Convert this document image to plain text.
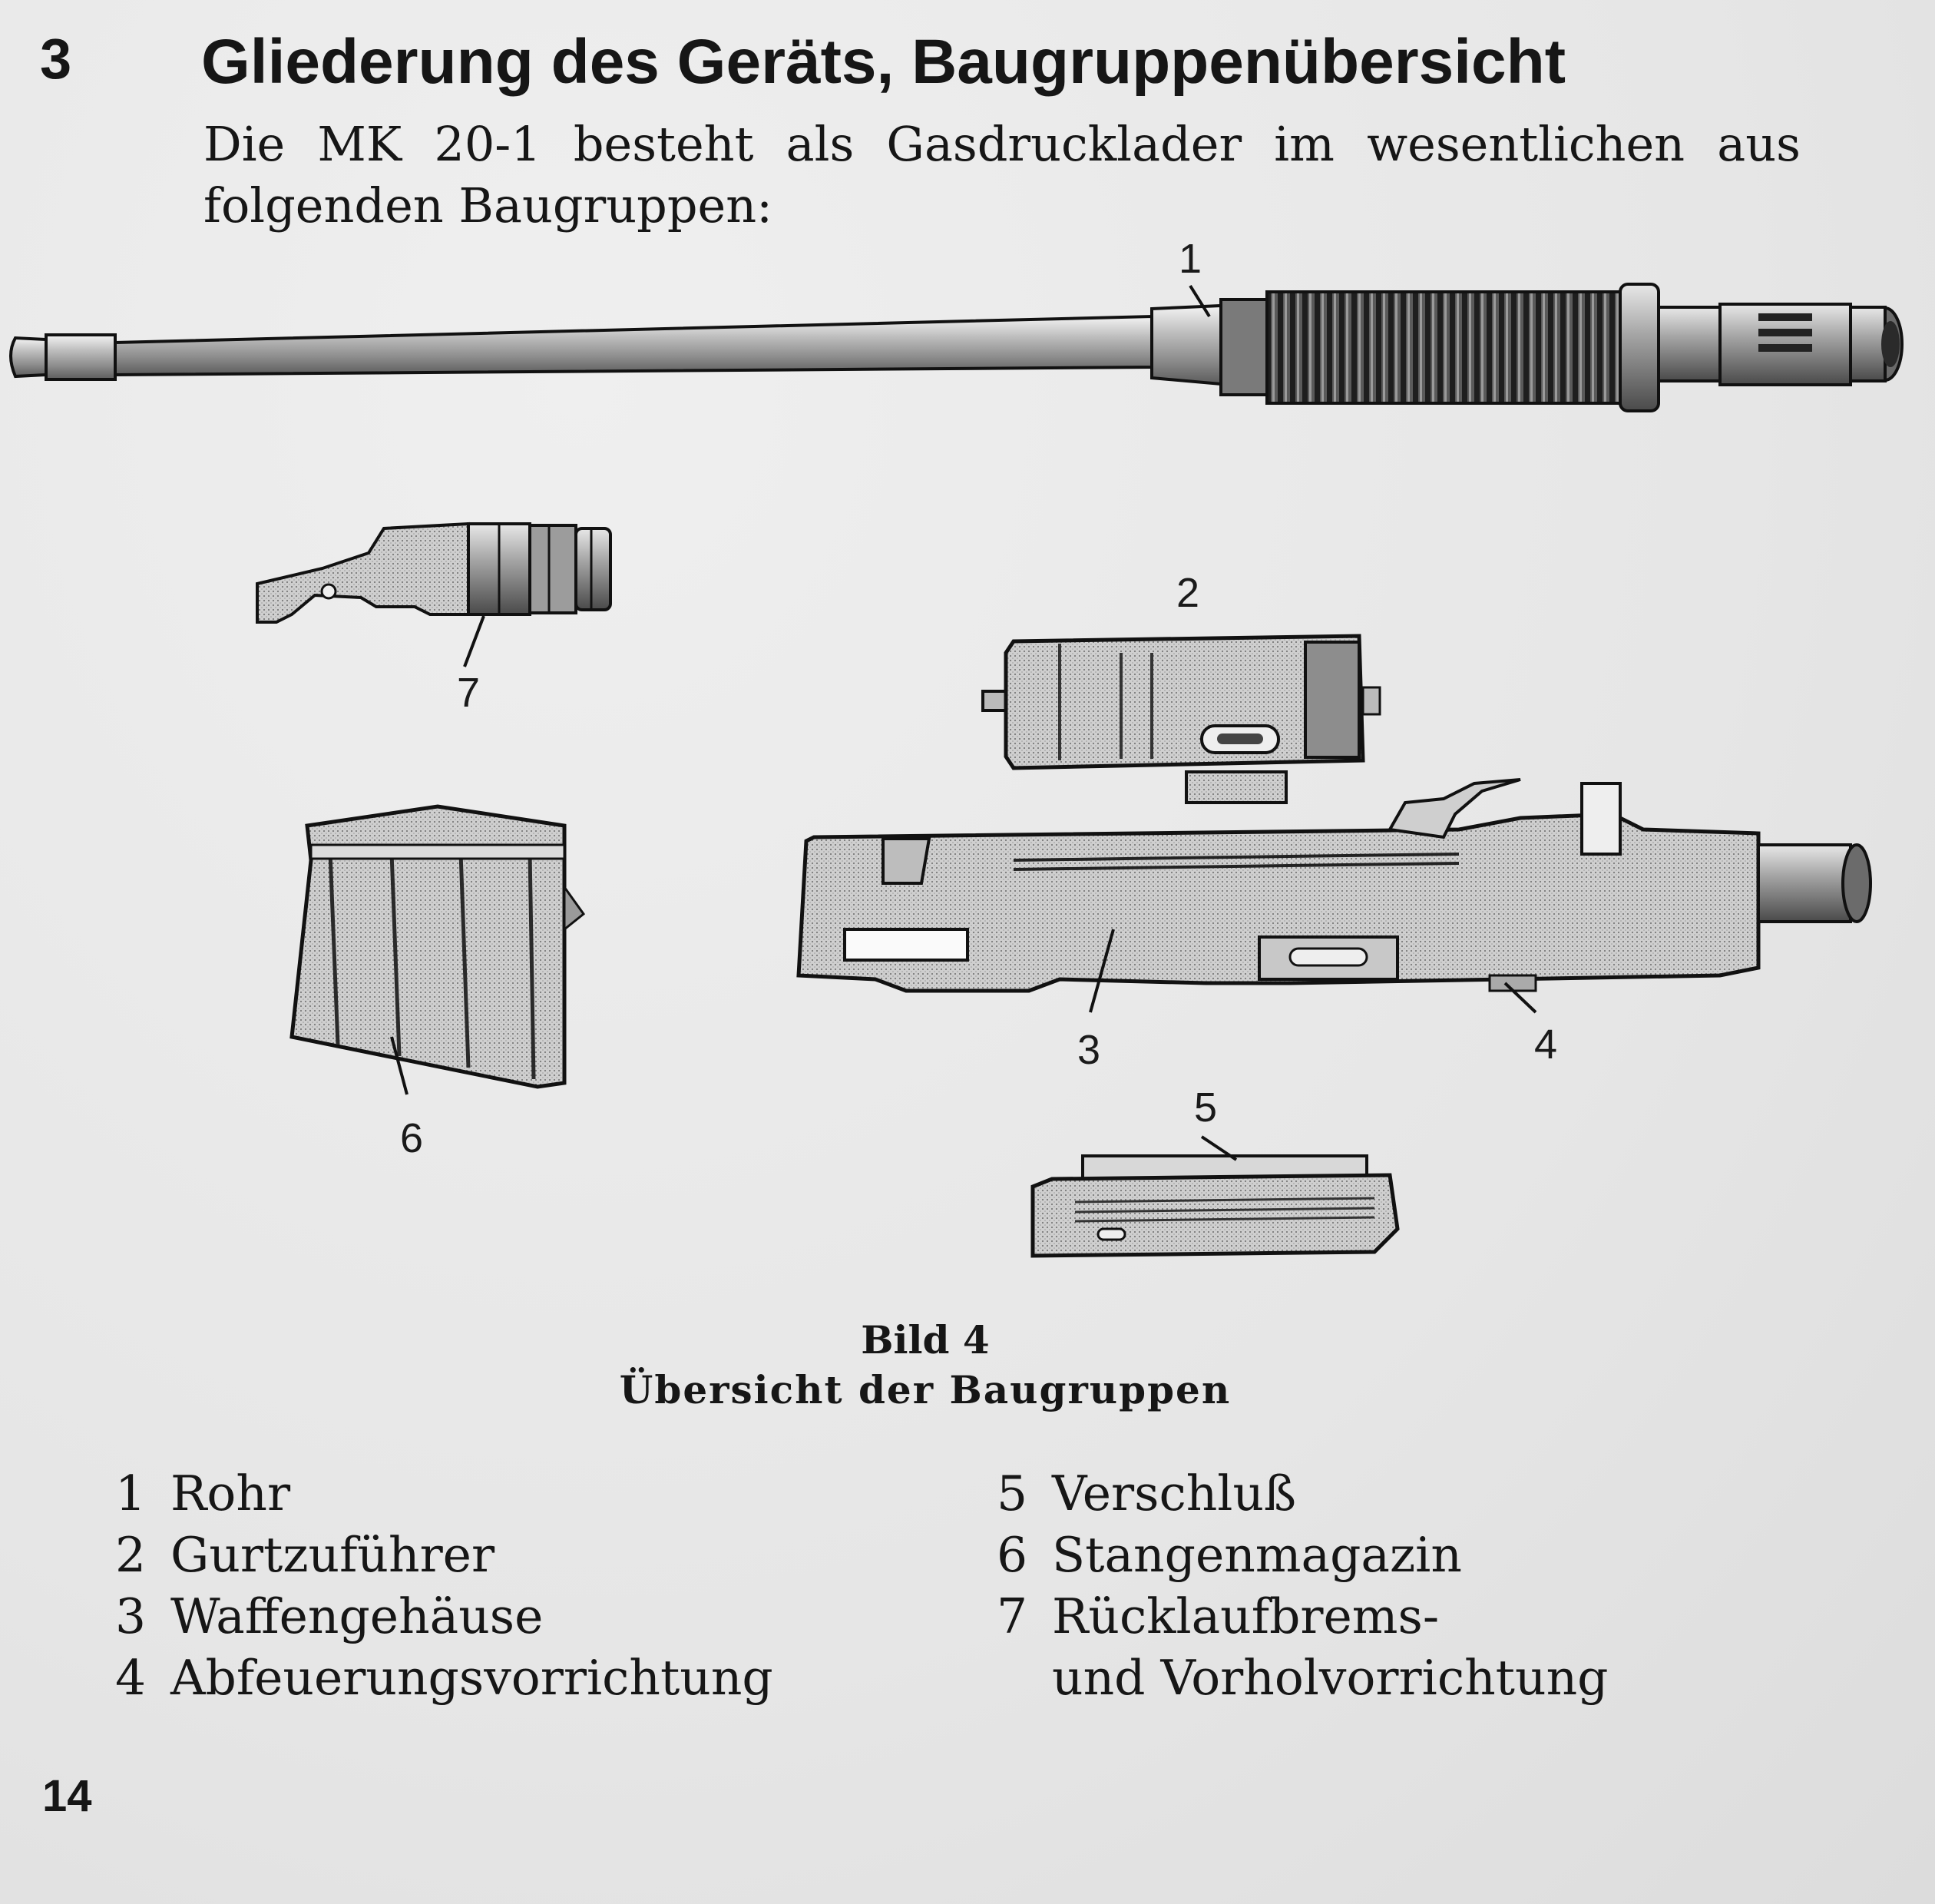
3 Gliederung des Geräts, Baugruppenübersicht
Die MK 20-1 besteht als Gasdrucklader im wesentlichen aus folgenden Baugruppen:
1
2
3	4
5
6
7
Bild 4
Übersicht der Baugruppen
1 Rohr
2 Gurtzuführer
3 Waffengehäuse
4 Abfeuerungsvorrichtung
5 Verschluß
6 Stangenmagazin
7 Rücklaufbrems-
und Vorholvorrichtung
14
